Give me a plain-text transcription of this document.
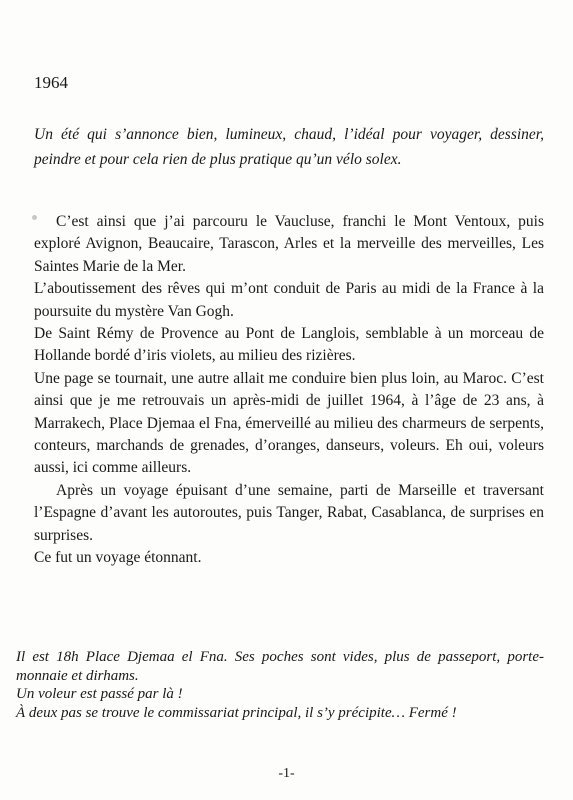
1964
Un été qui s’annonce bien, lumineux, chaud, l’idéal pour voyager, dessiner, peindre et pour cela rien de plus pratique qu’un vélo solex.

C’est ainsi que j’ai parcouru le Vaucluse, franchi le Mont Ventoux, puis exploré Avignon, Beaucaire, Tarascon, Arles et la merveille des merveilles, Les Saintes Marie de la Mer.

L’aboutissement des rêves qui m’ont conduit de Paris au midi de la France à la poursuite du mystère Van Gogh.

De Saint Rémy de Provence au Pont de Langlois, semblable à un morceau de Hollande bordé d’iris violets, au milieu des rizières.

Une page se tournait, une autre allait me conduire bien plus loin, au Maroc. C’est ainsi que je me retrouvais un après-midi de juillet 1964, à l’âge de 23 ans, à Marrakech, Place Djemaa el Fna, émerveillé au milieu des charmeurs de serpents, conteurs, marchands de grenades, d’oranges, danseurs, voleurs. Eh oui, voleurs aussi, ici comme ailleurs.

Après un voyage épuisant d’une semaine, parti de Marseille et traversant l’Espagne d’avant les autoroutes, puis Tanger, Rabat, Casablanca, de surprises en surprises.

Ce fut un voyage étonnant.

Il est 18h Place Djemaa el Fna. Ses poches sont vides, plus de passeport, porte-monnaie et dirhams.

Un voleur est passé par là !

À deux pas se trouve le commissariat principal, il s’y précipite… Fermé !

-1-
